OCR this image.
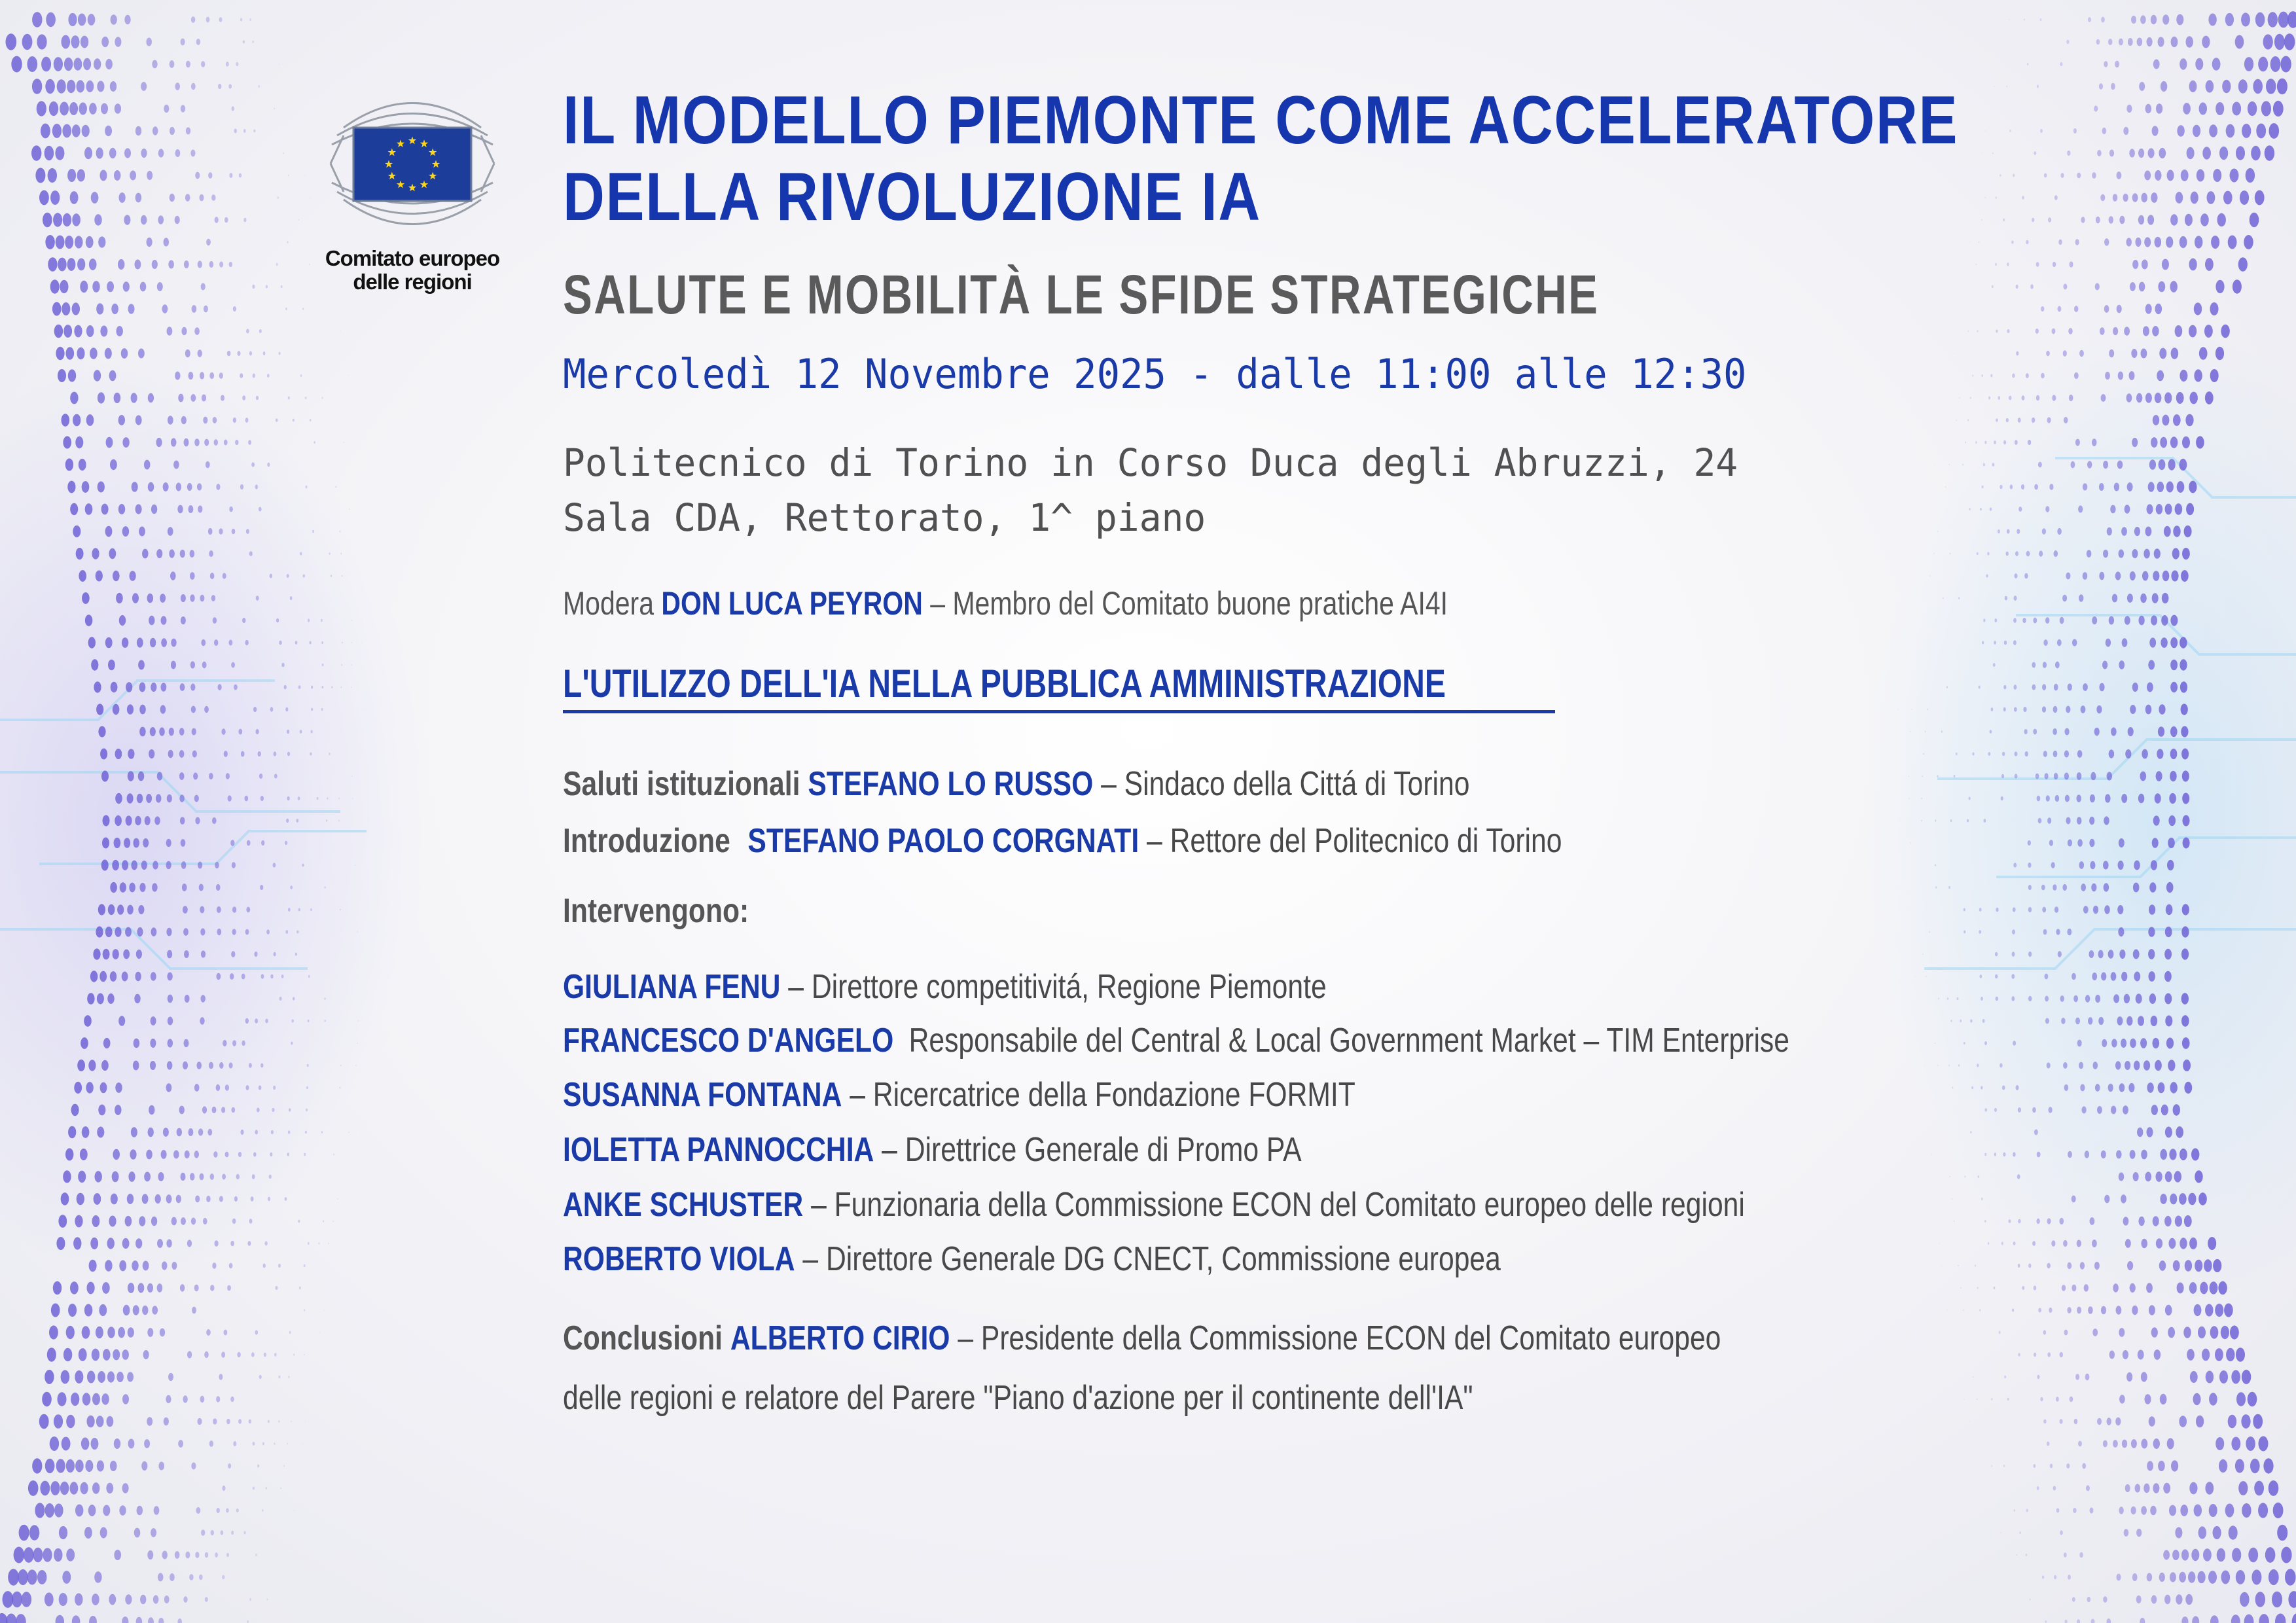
Comitato europeo
delle regioni
IL MODELLO PIEMONTE COME ACCELERATORE
DELLA RIVOLUZIONE IA
SALUTE E MOBILITÀ LE SFIDE STRATEGICHE
Mercoledì 12 Novembre 2025 - dalle 11:00 alle 12:30
Politecnico di Torino in Corso Duca degli Abruzzi, 24
Sala CDA, Rettorato, 1^ piano
Modera DON LUCA PEYRON – Membro del Comitato buone pratiche AI4I
L'UTILIZZO DELL'IA NELLA PUBBLICA AMMINISTRAZIONE
Saluti istituzionali STEFANO LO RUSSO – Sindaco della Cittá di Torino
Introduzione STEFANO PAOLO CORGNATI – Rettore del Politecnico di Torino
Intervengono:
GIULIANA FENU – Direttore competitivitá, Regione Piemonte
FRANCESCO D'ANGELO Responsabile del Central & Local Government Market – TIM Enterprise
SUSANNA FONTANA – Ricercatrice della Fondazione FORMIT
IOLETTA PANNOCCHIA – Direttrice Generale di Promo PA
ANKE SCHUSTER – Funzionaria della Commissione ECON del Comitato europeo delle regioni
ROBERTO VIOLA – Direttore Generale DG CNECT, Commissione europea
Conclusioni ALBERTO CIRIO – Presidente della Commissione ECON del Comitato europeo
delle regioni e relatore del Parere "Piano d'azione per il continente dell'IA"
